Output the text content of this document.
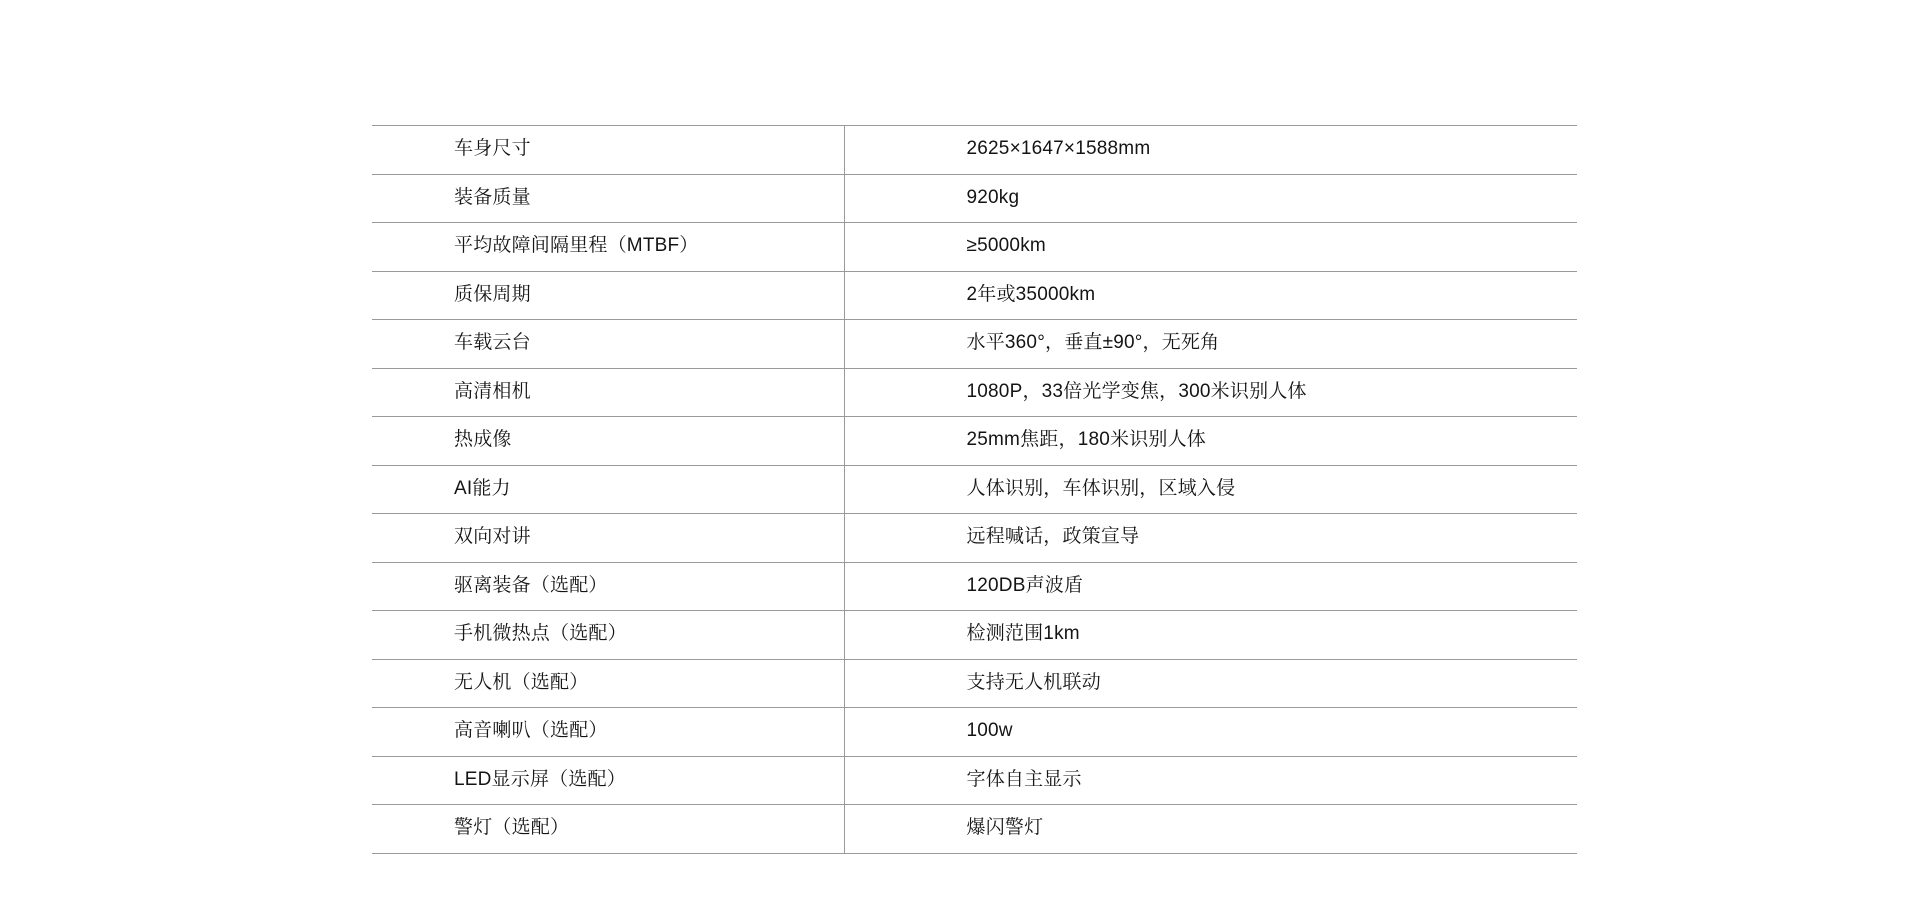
车身尺寸	2625×1647×1588mm
装备质量	920kg
平均故障间隔里程（MTBF）	≥5000km
质保周期	2年或35000km
车载云台	水平360°，垂直±90°，无死角
高清相机	1080P，33倍光学变焦，300米识别人体
热成像	25mm焦距，180米识别人体
AI能力	人体识别，车体识别，区域入侵
双向对讲	远程喊话，政策宣导
驱离装备（选配）	120DB声波盾
手机微热点（选配）	检测范围1km
无人机（选配）	支持无人机联动
高音喇叭（选配）	100w
LED显示屏（选配）	字体自主显示
警灯（选配）	爆闪警灯
